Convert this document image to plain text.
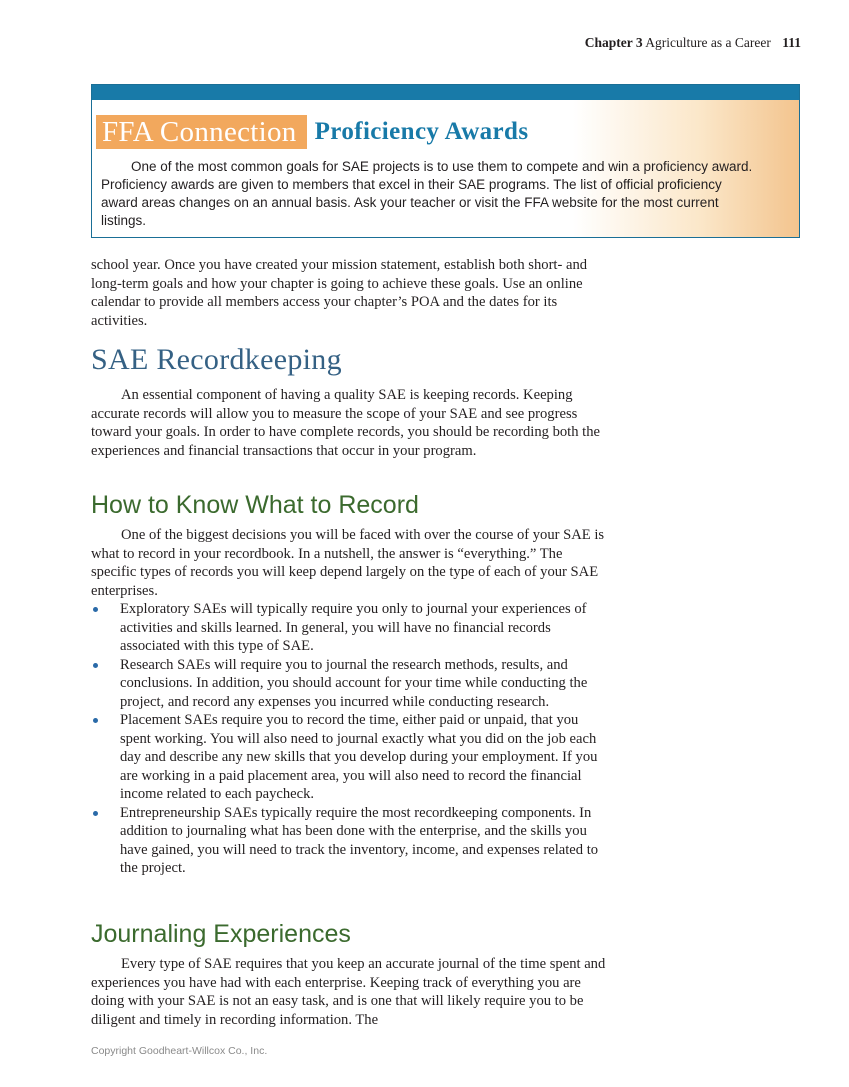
Chapter 3 Agriculture as a Career 111
FFA Connection Proficiency Awards

One of the most common goals for SAE projects is to use them to compete and win a proficiency award. Proficiency awards are given to members that excel in their SAE programs. The list of official proficiency award areas changes on an annual basis. Ask your teacher or visit the FFA website for the most current listings.

school year. Once you have created your mission statement, establish both short- and long-term goals and how your chapter is going to achieve these goals. Use an online calendar to provide all members access your chapter’s POA and the dates for its activities.

SAE Recordkeeping

An essential component of having a quality SAE is keeping records. Keeping accurate records will allow you to measure the scope of your SAE and see progress toward your goals. In order to have complete records, you should be recording both the experiences and financial transactions that occur in your program.

How to Know What to Record

One of the biggest decisions you will be faced with over the course of your SAE is what to record in your recordbook. In a nutshell, the answer is “everything.” The specific types of records you will keep depend largely on the type of each of your SAE enterprises.

Exploratory SAEs will typically require you only to journal your experiences of activities and skills learned. In general, you will have no financial records associated with this type of SAE.
Research SAEs will require you to journal the research methods, results, and conclusions. In addition, you should account for your time while conducting the project, and record any expenses you incurred while conducting research.
Placement SAEs require you to record the time, either paid or unpaid, that you spent working. You will also need to journal exactly what you did on the job each day and describe any new skills that you develop during your employment. If you are working in a paid placement area, you will also need to record the financial income related to each paycheck.
Entrepreneurship SAEs typically require the most recordkeeping components. In addition to journaling what has been done with the enterprise, and the skills you have gained, you will need to track the inventory, income, and expenses related to the project.
Journaling Experiences

Every type of SAE requires that you keep an accurate journal of the time spent and experiences you have had with each enterprise. Keeping track of everything you are doing with your SAE is not an easy task, and is one that will likely require you to be diligent and timely in recording information. The

Copyright Goodheart-Willcox Co., Inc.
